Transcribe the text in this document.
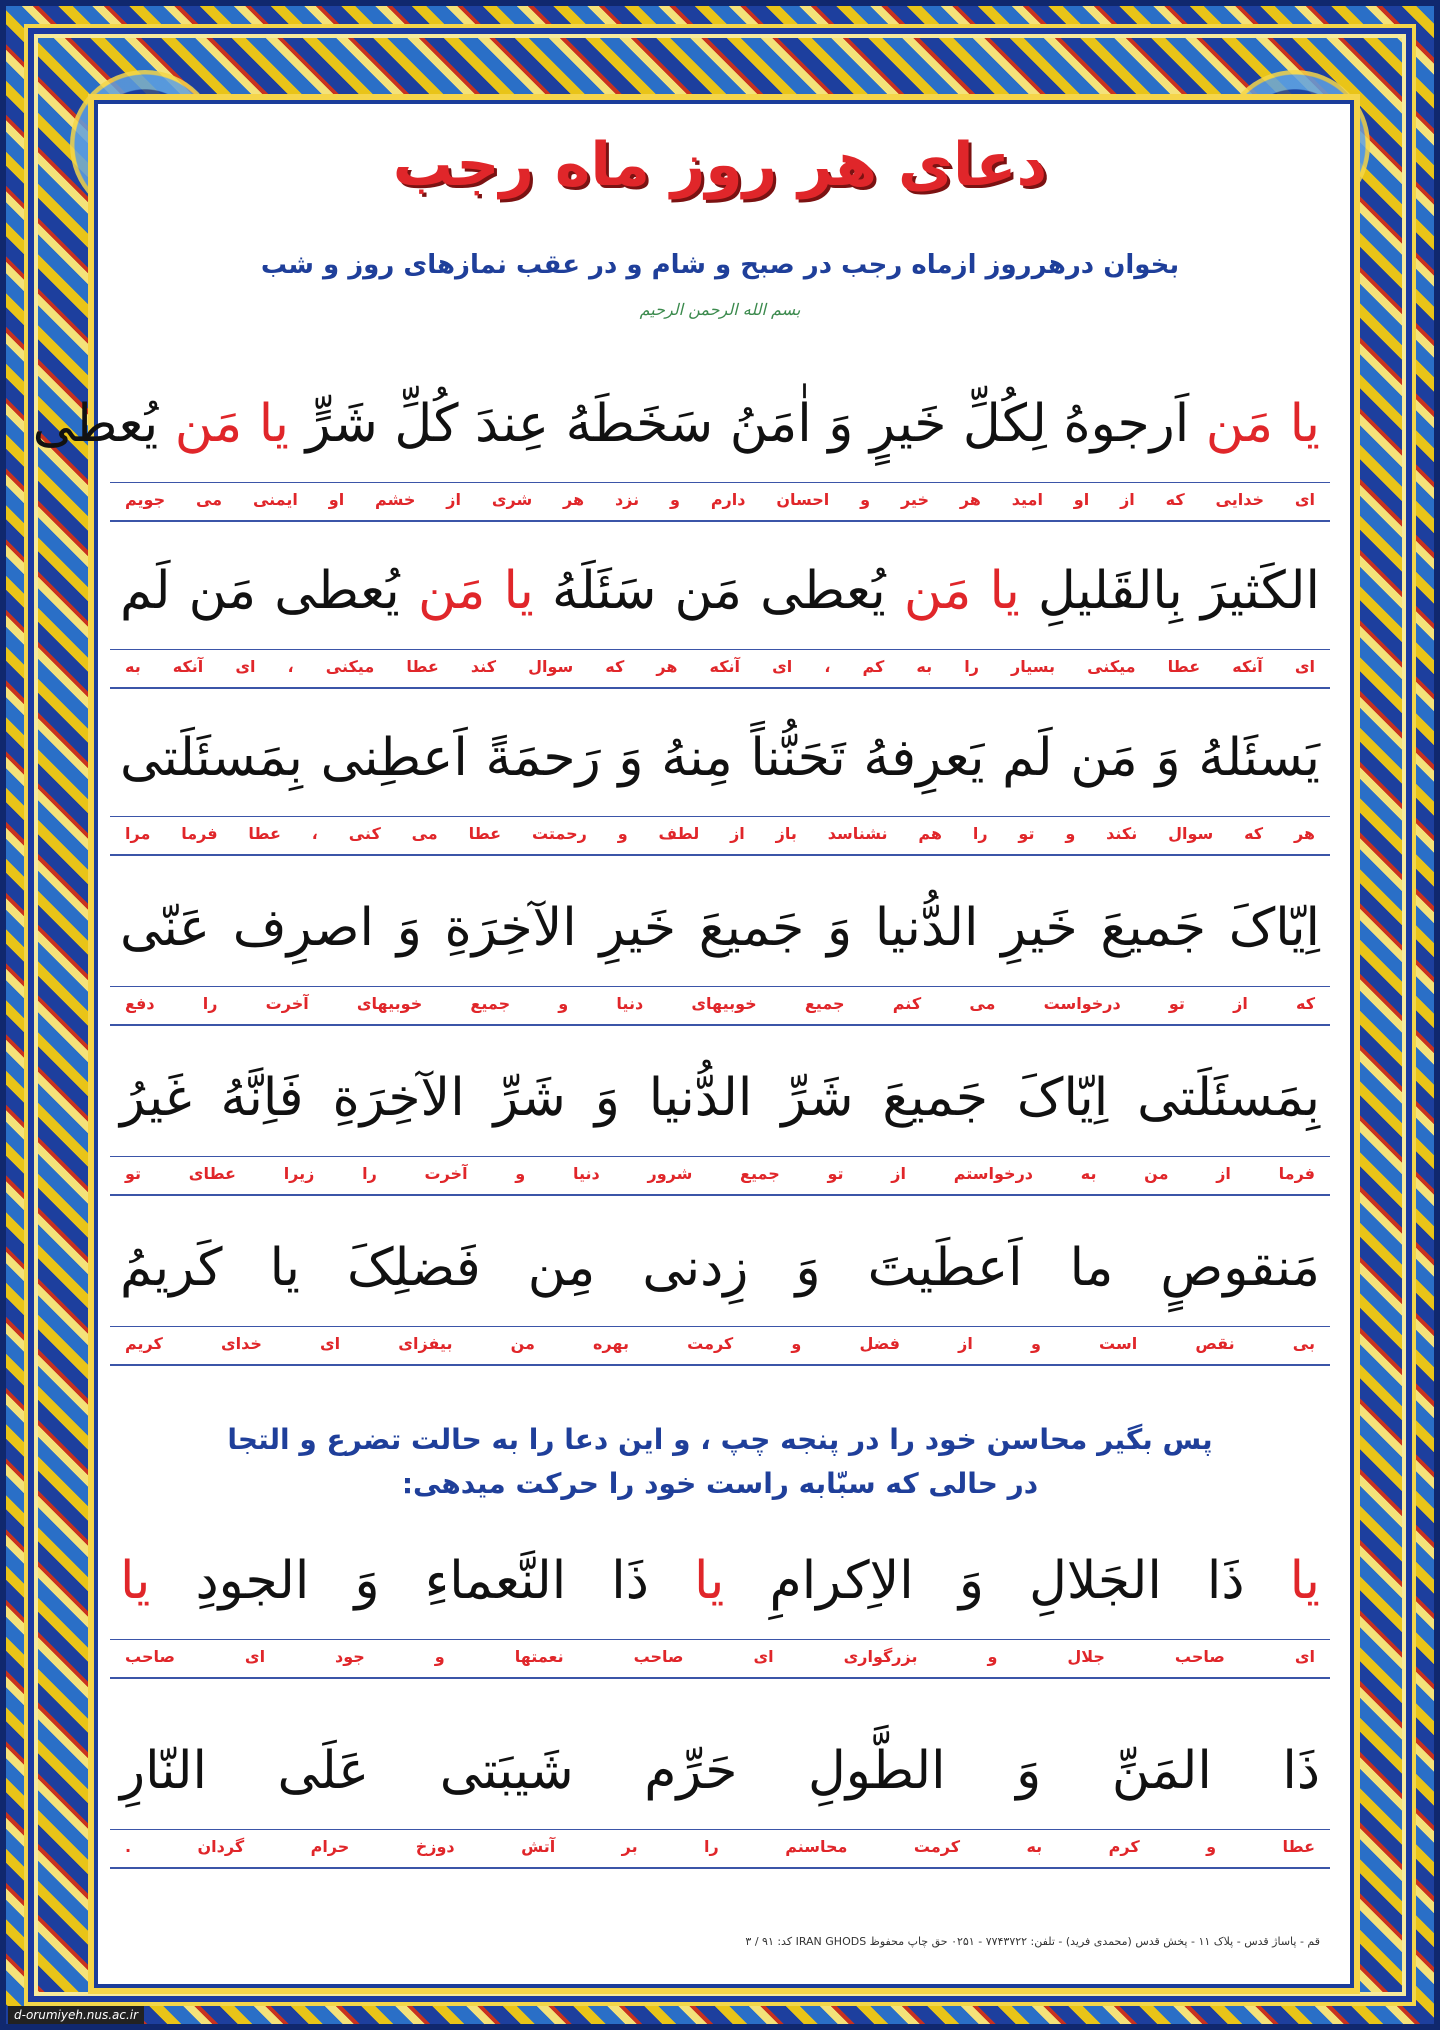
دعای هر روز ماه رجب
بخوان درهرروز ازماه رجب در صبح و شام و در عقب نمازهای روز و شب
بسم الله الرحمن الرحیم
یا مَن اَرجوهُ لِکُلِّ خَیرٍ وَ اٰمَنُ سَخَطَهُ عِندَ کُلِّ شَرٍّ یا مَن یُعطی
ای خدایی که از او امید هر خیر و احسان دارم و نزد هر شری از خشم او ایمنی می جویم
الکَثیرَ بِالقَلیلِ یا مَن یُعطی مَن سَئَلَهُ یا مَن یُعطی مَن لَم
ای آنکه عطا میکنی بسیار را به کم ، ای آنکه هر که سوال کند عطا میکنی ، ای آنکه به
یَسئَلهُ وَ مَن لَم یَعرِفهُ تَحَنُّناً مِنهُ وَ رَحمَةً اَعطِنی بِمَسئَلَتی
هر که سوال نکند و تو را هم نشناسد باز از لطف و رحمتت عطا می کنی ، عطا فرما مرا
اِیّاکَ جَمیعَ خَیرِ الدُّنیا وَ جَمیعَ خَیرِ الآخِرَةِ وَ اصرِف عَنّی
که از تو درخواست می کنم جمیع خوبیهای دنیا و جمیع خوبیهای آخرت را دفع
بِمَسئَلَتی اِیّاکَ جَمیعَ شَرِّ الدُّنیا وَ شَرِّ الآخِرَةِ فَاِنَّهُ غَیرُ
فرما از من به درخواستم از تو جمیع شرور دنیا و آخرت را زیرا عطای تو
مَنقوصٍ ما اَعطَیتَ وَ زِدنی مِن فَضلِکَ یا کَریمُ
بی نقص است و از فضل و کرمت بهره من بیفزای ای خدای کریم
پس بگیر محاسن خود را در پنجه چپ ، و این دعا را به حالت تضرع و التجا
در حالی که سبّابه راست خود را حرکت میدهی:
یا ذَا الجَلالِ وَ الاِکرامِ یا ذَا النَّعماءِ وَ الجودِ یا
ای صاحب جلال و بزرگواری ای صاحب نعمتها و جود ای صاحب
ذَا المَنِّ وَ الطَّولِ حَرِّم شَیبَتی عَلَی النّارِ
عطا و کرم به کرمت محاسنم را بر آتش دوزخ حرام گردان .
قم - پاساژ قدس - پلاک ۱۱ - پخش قدس (محمدی فرید) - تلفن: ۷۷۴۳۷۲۲ - ۰۲۵۱ حق چاپ محفوظ IRAN GHODS کد: ۹۱ / ۳
d-orumiyeh.nus.ac.ir
